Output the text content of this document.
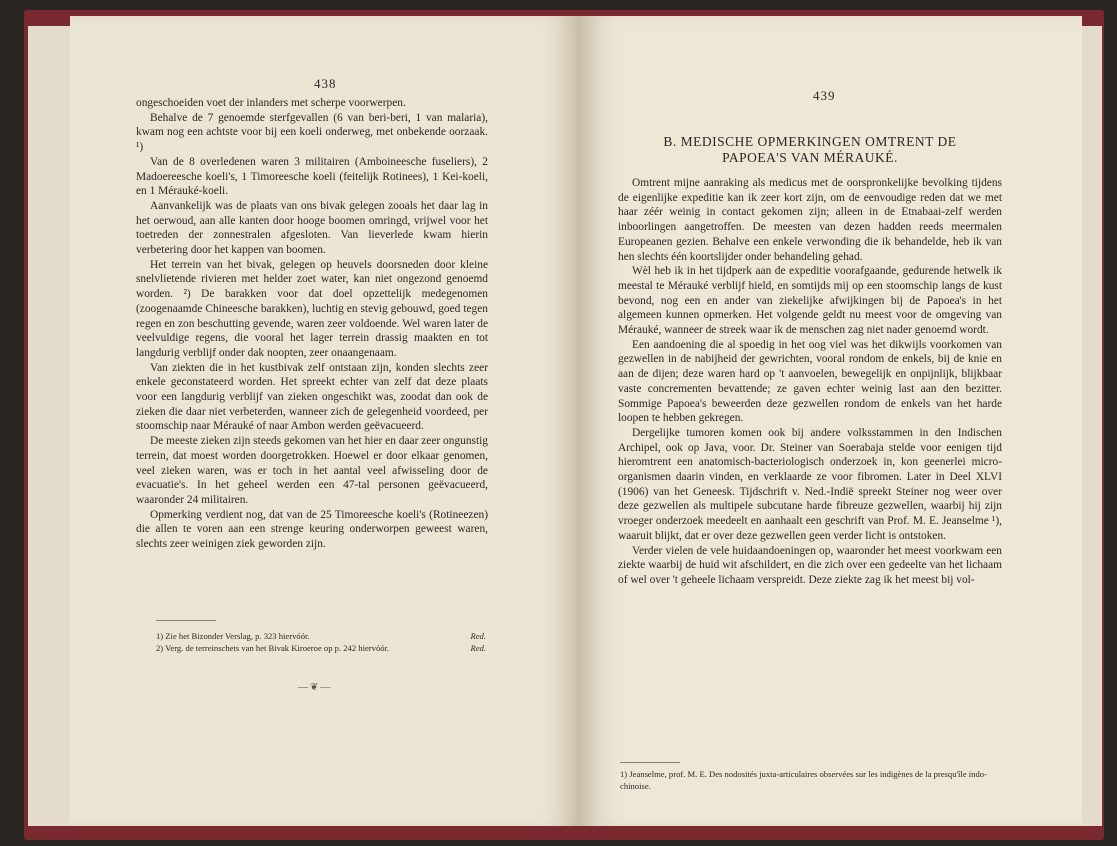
438

ongeschoeiden voet der inlanders met scherpe voorwerpen.

Behalve de 7 genoemde sterfgevallen (6 van beri-beri, 1 van malaria), kwam nog een achtste voor bij een koeli onderweg, met onbekende oorzaak. ¹)

Van de 8 overledenen waren 3 militairen (Amboineesche fuseliers), 2 Madoereesche koeli's, 1 Timoreesche koeli (feitelijk Rotinees), 1 Kei-koeli, en 1 Mérauké-koeli.

Aanvankelijk was de plaats van ons bivak gelegen zooals het daar lag in het oerwoud, aan alle kanten door hooge boomen omringd, vrijwel voor het toetreden der zonnestralen afgesloten. Van lieverlede kwam hierin verbetering door het kappen van boomen.

Het terrein van het bivak, gelegen op heuvels doorsneden door kleine snelvlietende rivieren met helder zoet water, kan niet ongezond genoemd worden. ²) De barakken voor dat doel opzettelijk medegenomen (zoogenaamde Chineesche barakken), luchtig en stevig gebouwd, goed tegen regen en zon beschutting gevende, waren zeer voldoende. Wel waren later de veelvuldige regens, die vooral het lager terrein drassig maakten en tot langdurig verblijf onder dak noopten, zeer onaangenaam.

Van ziekten die in het kustbivak zelf ontstaan zijn, konden slechts zeer enkele geconstateerd worden. Het spreekt echter van zelf dat deze plaats voor een langdurig verblijf van zieken ongeschikt was, zoodat dan ook de zieken die daar niet verbeterden, wanneer zich de gelegenheid voordeed, per stoomschip naar Mérauké of naar Ambon werden geëvacueerd.

De meeste zieken zijn steeds gekomen van het hier en daar zeer ongunstig terrein, dat moest worden doorgetrokken. Hoewel er door elkaar genomen, veel zieken waren, was er toch in het aantal veel afwisseling door de evacuatie's. In het geheel werden een 47-tal personen geëvacueerd, waaronder 24 militairen.

Opmerking verdient nog, dat van de 25 Timoreesche koeli's (Rotineezen) die allen te voren aan een strenge keuring onderworpen geweest waren, slechts zeer weinigen ziek geworden zijn.

1) Zie het Bizonder Verslag, p. 323 hiervóór.	Red.
2) Verg. de terreinschets van het Bivak Kiroeroe op p. 242 hiervóór.	Red.
—❦—
439
B. MEDISCHE OPMERKINGEN OMTRENT DE
PAPOEA'S VAN MÉRAUKÉ.

Omtrent mijne aanraking als medicus met de oorspronkelijke bevolking tijdens de eigenlijke expeditie kan ik zeer kort zijn, om de eenvoudige reden dat we met haar zéér weinig in contact gekomen zijn; alleen in de Etnabaai-zelf werden inboorlingen aangetroffen. De meesten van dezen hadden reeds meermalen Europeanen gezien. Behalve een enkele verwonding die ik behandelde, heb ik van hen slechts één koortslijder onder behandeling gehad.

Wèl heb ik in het tijdperk aan de expeditie voorafgaande, gedurende hetwelk ik meestal te Mérauké verblijf hield, en somtijds mij op een stoomschip langs de kust bevond, nog een en ander van ziekelijke afwijkingen bij de Papoea's in het algemeen kunnen opmerken. Het volgende geldt nu meest voor de omgeving van Mérauké, wanneer de streek waar ik de menschen zag niet nader genoemd wordt.

Een aandoening die al spoedig in het oog viel was het dikwijls voorkomen van gezwellen in de nabijheid der gewrichten, vooral rondom de enkels, bij de knie en aan de dijen; deze waren hard op 't aanvoelen, bewegelijk en onpijnlijk, blijkbaar vaste concrementen bevattende; ze gaven echter weinig last aan den bezitter. Sommige Papoea's beweerden deze gezwellen rondom de enkels van het harde loopen te hebben gekregen.

Dergelijke tumoren komen ook bij andere volksstammen in den Indischen Archipel, ook op Java, voor. Dr. Steiner van Soerabaja stelde voor eenigen tijd hieromtrent een anatomisch-bacteriologisch onderzoek in, kon geenerlei micro-organismen daarin vinden, en verklaarde ze voor fibromen. Later in Deel XLVI (1906) van het Geneesk. Tijdschrift v. Ned.-Indië spreekt Steiner nog weer over deze gezwellen als multipele subcutane harde fibreuze gezwellen, waarbij hij zijn vroeger onderzoek meedeelt en aanhaalt een geschrift van Prof. M. E. Jeanselme ¹), waaruit blijkt, dat er over deze gezwellen geen verder licht is ontstoken.

Verder vielen de vele huidaandoeningen op, waaronder het meest voorkwam een ziekte waarbij de huid wit afschildert, en die zich over een gedeelte van het lichaam of wel over 't geheele lichaam verspreidt. Deze ziekte zag ik het meest bij vol-

1) Jeanselme, prof. M. E. Des nodosités juxta-articulaires observées sur les indigènes de la presqu'île indo-chinoise.
